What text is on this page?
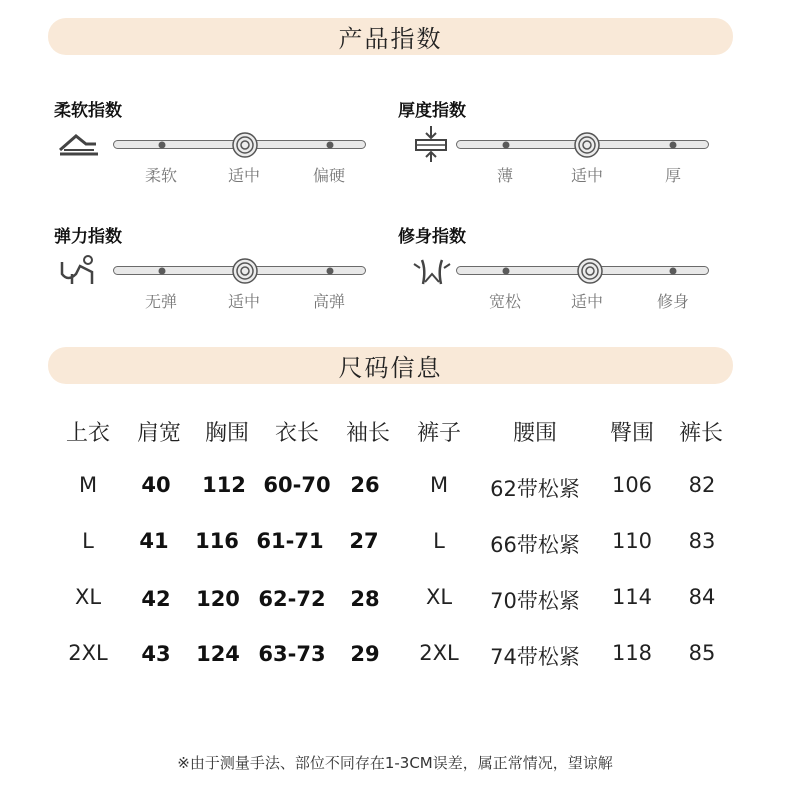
产品指数
柔软指数
柔软	适中	偏硬
厚度指数
薄	适中	厚
弹力指数
无弹	适中	高弹
修身指数
宽松	适中	修身
尺码信息
上衣 肩宽 胸围 衣长 袖长 裤子 腰围 臀围 裤长
M 40 112 60-70 26 M 62带松紧 106 82
L 41 116 61-71 27	L 66带松紧 110 83
XL 42 120 62-72 28 XL 70带松紧 114 84
2XL 43 124 63-73 29 2XL 74带松紧 118 85
※由于测量手法、部位不同存在1-3CM误差，属正常情况，望谅解
